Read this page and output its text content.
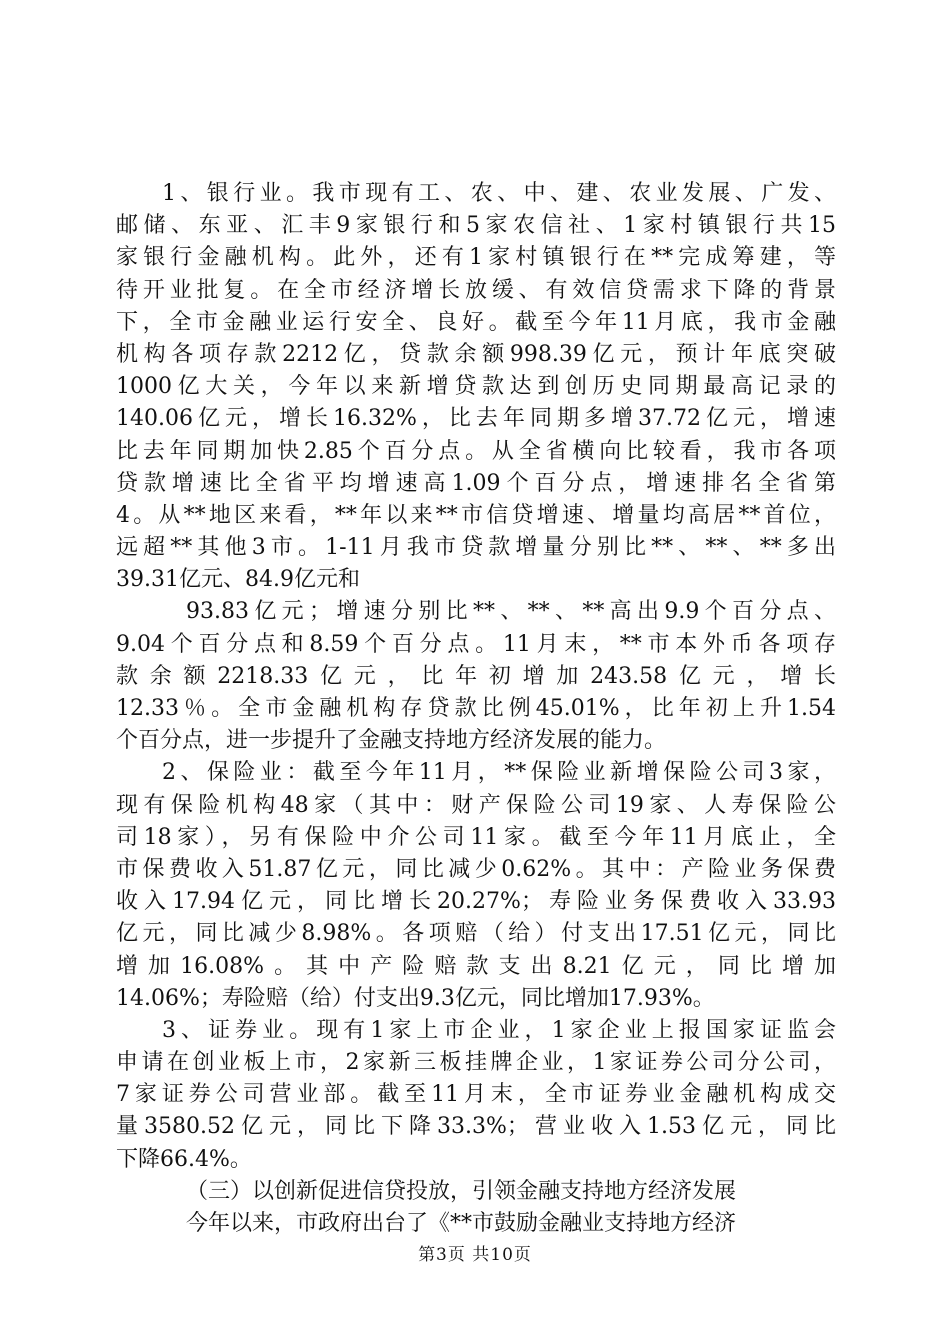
1、银行业。我市现有工、农、中、建、农业发展、广发、
邮储、东亚、汇丰9家银行和5家农信社、1家村镇银行共15
家银行金融机构。此外，还有1家村镇银行在**完成筹建，等
待开业批复。在全市经济增长放缓、有效信贷需求下降的背景
下，全市金融业运行安全、良好。截至今年11月底，我市金融
机构各项存款2212亿，贷款余额998.39亿元，预计年底突破
1000亿大关，今年以来新增贷款达到创历史同期最高记录的
140.06亿元，增长16.32%，比去年同期多增37.72亿元，增速
比去年同期加快2.85个百分点。从全省横向比较看，我市各项
贷款增速比全省平均增速高1.09个百分点，增速排名全省第
4。从**地区来看，**年以来**市信贷增速、增量均高居**首位，
远超**其他3市。1-11月我市贷款增量分别比**、**、**多出
39.31亿元、84.9亿元和
93.83亿元；增速分别比**、**、**高出9.9个百分点、
9.04个百分点和8.59个百分点。11月末，**市本外币各项存
款余额2218.33亿元，比年初增加243.58亿元，增长
12.33％。全市金融机构存贷款比例45.01%，比年初上升1.54
个百分点，进一步提升了金融支持地方经济发展的能力。
2、保险业：截至今年11月，**保险业新增保险公司3家，
现有保险机构48家（其中：财产保险公司19家、人寿保险公
司18家），另有保险中介公司11家。截至今年11月底止，全
市保费收入51.87亿元，同比减少0.62%。其中：产险业务保费
收入17.94亿元，同比增长20.27%；寿险业务保费收入33.93
亿元，同比减少8.98%。各项赔（给）付支出17.51亿元，同比
增加16.08%。其中产险赔款支出8.21亿元，同比增加
14.06%；寿险赔（给）付支出9.3亿元，同比增加17.93%。
3、证券业。现有1家上市企业，1家企业上报国家证监会
申请在创业板上市，2家新三板挂牌企业，1家证券公司分公司，
7家证券公司营业部。截至11月末，全市证券业金融机构成交
量3580.52亿元，同比下降33.3%；营业收入1.53亿元，同比
下降66.4%。
（三）以创新促进信贷投放，引领金融支持地方经济发展
今年以来，市政府出台了《**市鼓励金融业支持地方经济
第3页 共10页
